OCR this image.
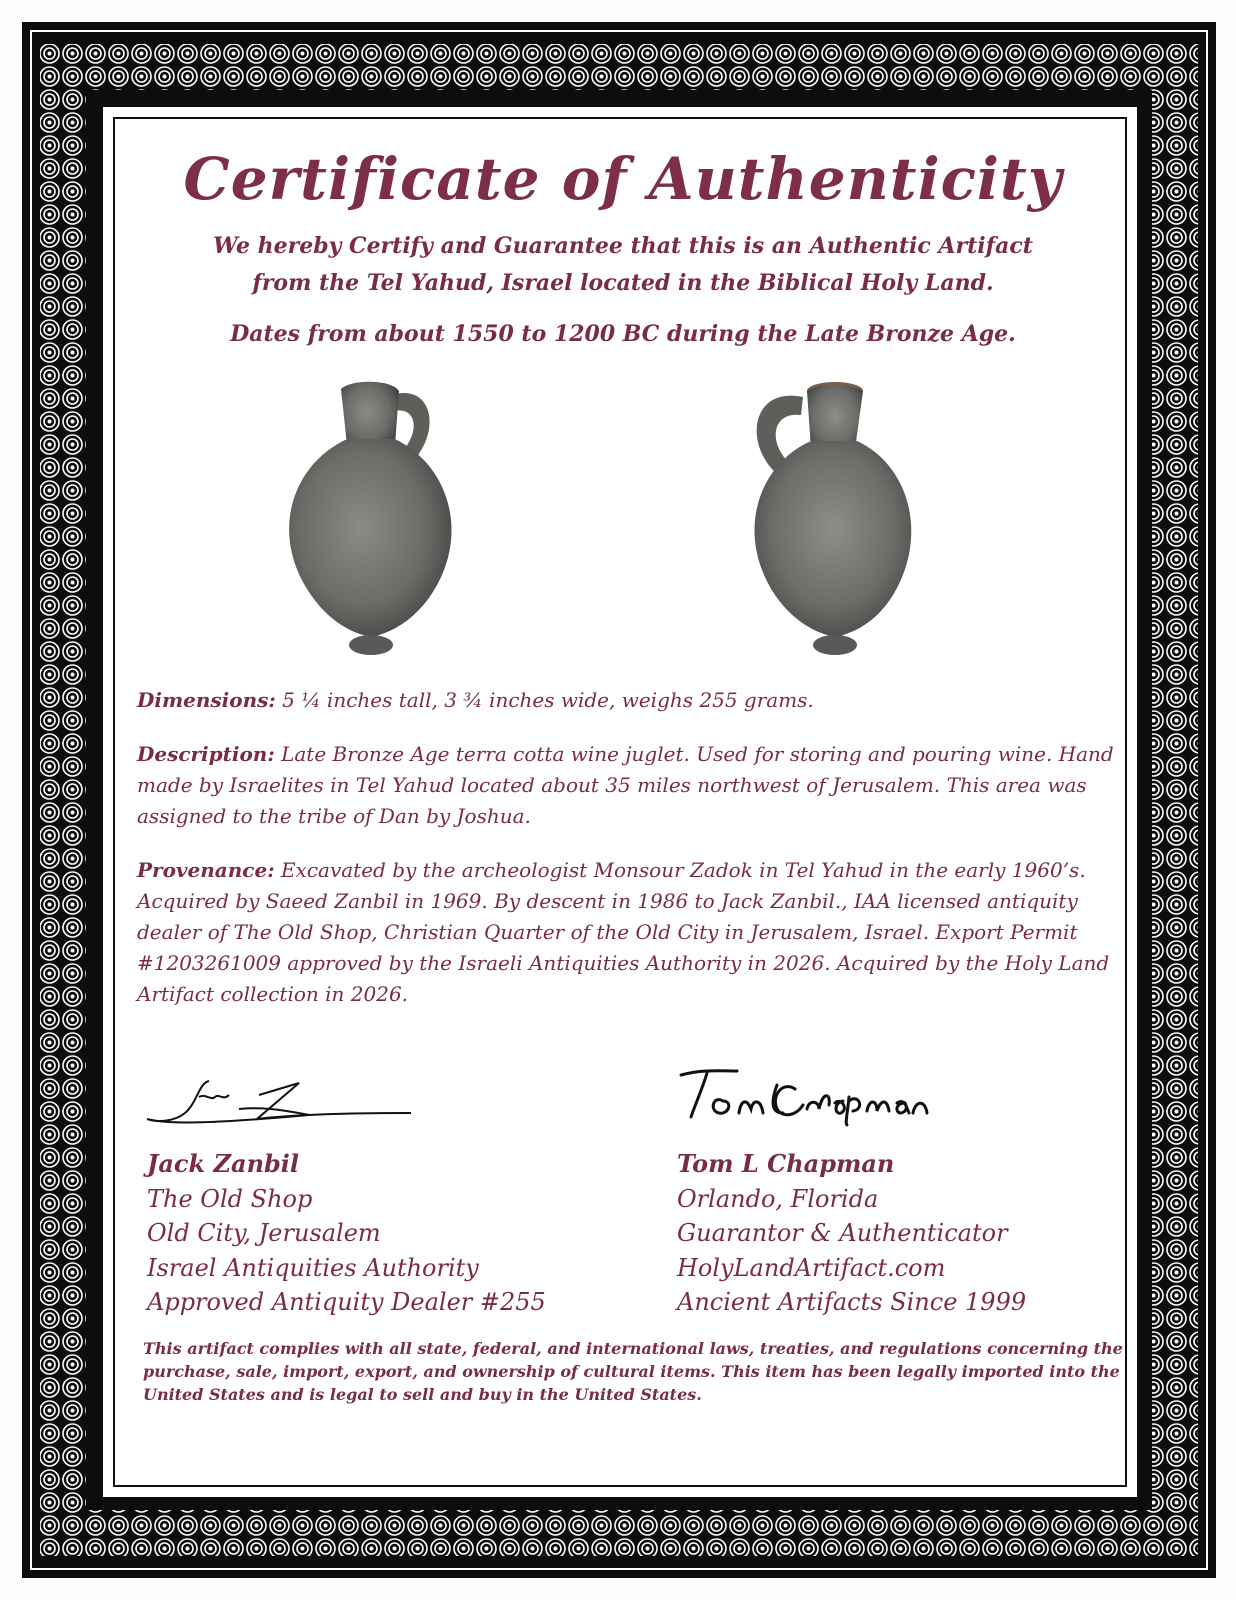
Certificate of Authenticity
We hereby Certify and Guarantee that this is an Authentic Artifact
from the Tel Yahud, Israel located in the Biblical Holy Land.
Dates from about 1550 to 1200 BC during the Late Bronze Age.
Dimensions: 5 ¼ inches tall, 3 ¾ inches wide, weighs 255 grams.
Description: Late Bronze Age terra cotta wine juglet. Used for storing and pouring wine. Hand made by Israelites in Tel Yahud located about 35 miles northwest of Jerusalem. This area was assigned to the tribe of Dan by Joshua.
Provenance: Excavated by the archeologist Monsour Zadok in Tel Yahud in the early 1960’s. Acquired by Saeed Zanbil in 1969. By descent in 1986 to Jack Zanbil., IAA licensed antiquity dealer of The Old Shop, Christian Quarter of the Old City in Jerusalem, Israel. Export Permit #1203261009 approved by the Israeli Antiquities Authority in 2026. Acquired by the Holy Land Artifact collection in 2026.
Jack Zanbil
The Old Shop
Old City, Jerusalem
Israel Antiquities Authority
Approved Antiquity Dealer #255
Tom L Chapman
Orlando, Florida
Guarantor & Authenticator
HolyLandArtifact.com
Ancient Artifacts Since 1999
This artifact complies with all state, federal, and international laws, treaties, and regulations concerning the purchase, sale, import, export, and ownership of cultural items. This item has been legally imported into the United States and is legal to sell and buy in the United States.
